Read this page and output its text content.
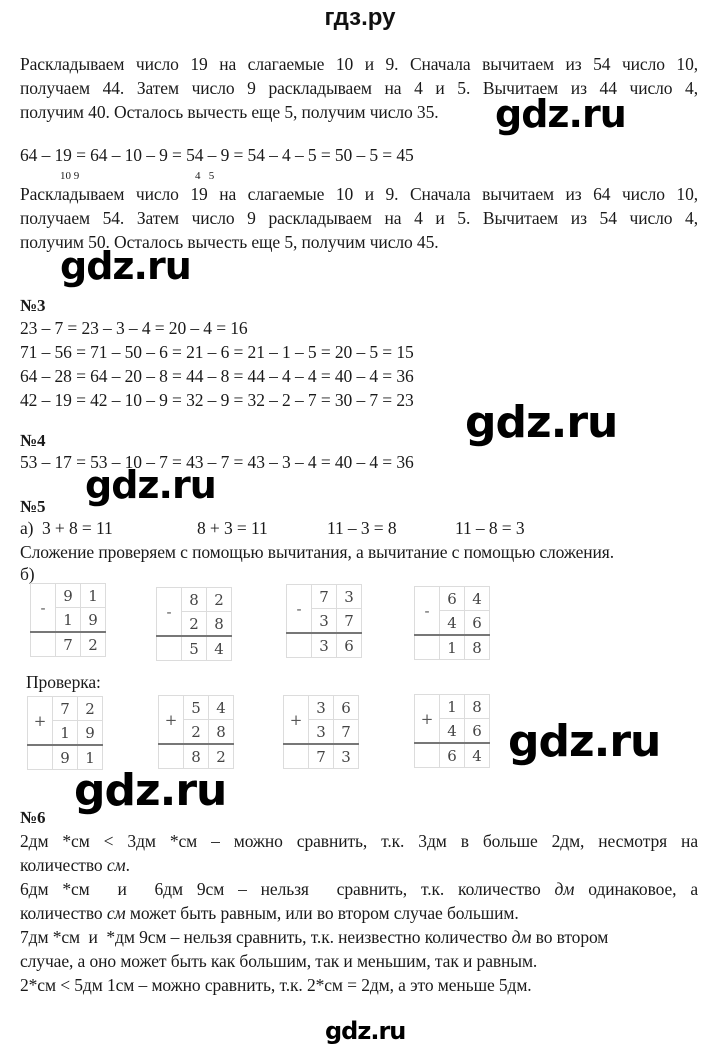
гдз.ру
Раскладываем число 19 на слагаемые 10 и 9. Сначала вычитаем из 54 число 10,
получаем 44. Затем число 9 раскладываем на 4 и 5. Вычитаем из 44 число 4,
получим 40. Осталось вычесть еще 5, получим число 35.
64 – 19 = 64 – 10 – 9 = 54 – 9 = 54 – 4 – 5 = 50 – 5 = 45
10 9	4   5
Раскладываем число 19 на слагаемые 10 и 9. Сначала вычитаем из 64 число 10,
получаем 54. Затем число 9 раскладываем на 4 и 5. Вычитаем из 54 число 4,
получим 50. Осталось вычесть еще 5, получим число 45.
№3
23 – 7 = 23 – 3 – 4 = 20 – 4 = 16
71 – 56 = 71 – 50 – 6 = 21 – 6 = 21 – 1 – 5 = 20 – 5 = 15
64 – 28 = 64 – 20 – 8 = 44 – 8 = 44 – 4 – 4 = 40 – 4 = 36
42 – 19 = 42 – 10 – 9 = 32 – 9 = 32 – 2 – 7 = 30 – 7 = 23
№4
53 – 17 = 53 – 10 – 7 = 43 – 7 = 43 – 3 – 4 = 40 – 4 = 36
№5
а) 3 + 8 = 11	8 + 3 = 11	11 – 3 = 8	11 – 8 = 3
Сложение проверяем с помощью вычитания, а вычитание с помощью сложения.
б)
-	9	1
	1	9
	7	2
-	8	2
	2	8
	5	4
-	7	3
	3	7
	3	6
-	6	4
	4	6
	1	8
Проверка:
+	7	2
	1	9
	9	1
+	5	4
	2	8
	8	2
+	3	6
	3	7
	7	3
+	1	8
	4	6
	6	4
№6
2дм *см < 3дм *см – можно сравнить, т.к. 3дм в больше 2дм, несмотря на
количество см.
6дм *см  и  6дм 9см – нельзя  сравнить, т.к. количество дм одинаковое, а
количество см может быть равным, или во втором случае большим.
7дм *см  и  *дм 9см – нельзя сравнить, т.к. неизвестно количество дм во втором
случае, а оно может быть как большим, так и меньшим, так и равным.
2*см < 5дм 1см – можно сравнить, т.к. 2*см = 2дм, а это меньше 5дм.
gdz.ru
gdz.ru
gdz.ru
gdz.ru
gdz.ru
gdz.ru
gdz.ru
